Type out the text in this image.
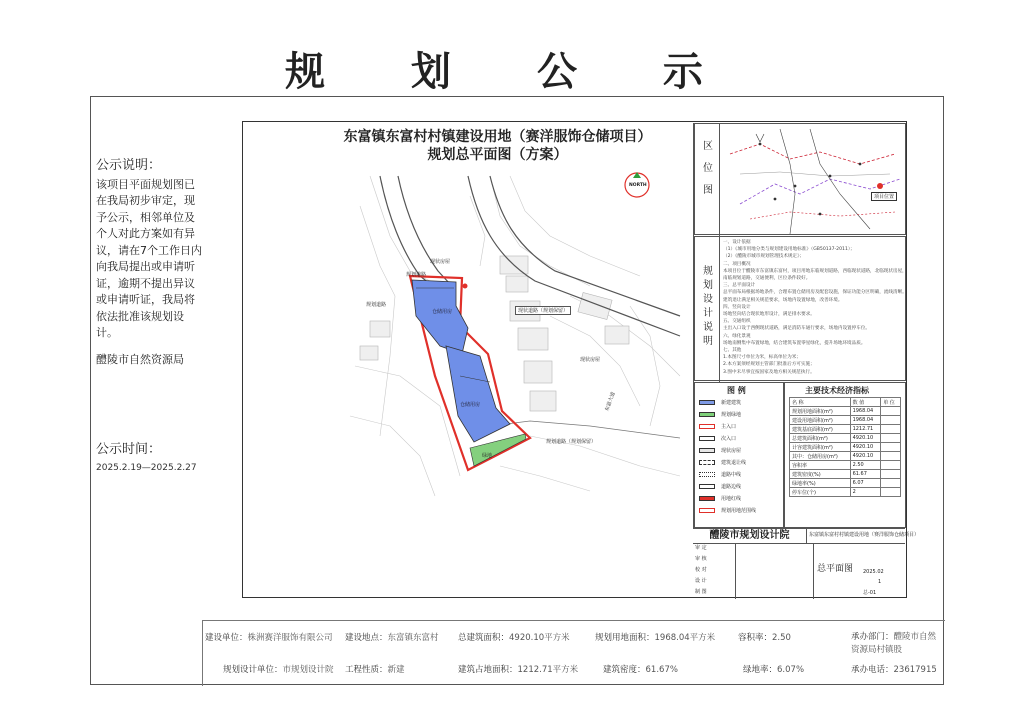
规 划 公 示
公示说明：
该项目平面规划图已在我局初步审定，现予公示，相邻单位及个人对此方案如有异议，请在7个工作日内向我局提出或申请听证，逾期不提出异议或申请听证，我局将依法批准该规划设计。
醴陵市自然资源局
公示时间：
2025.2.19—2025.2.27
东富镇东富村村镇建设用地（赛洋服饰仓储项目）
规划总平面图（方案）
NORTH
规划道路
现状房屋
规划道路
现状道路（规划保留）
现状房屋
规划道路（规划保留）
仓储用房
仓储用房
绿地
东富大道
区
位
图
项目位置
规
划
设
计
说
明
一、设计依据
（1）《城市用地分类与规划建设用地标准》（GB50137-2011）；
（2）《醴陵市城市规划管理技术规定》；
二、项目概况
本项目位于醴陵市东富镇东富村，项目用地东临规划道路，西临现状道路，北临现状房屋，
南临规划道路，交通便利，区位条件较好。
三、总平面设计
总平面布局根据场地条件，合理布置仓储用房及配套设施，保证功能分区明确，流线清晰。
建筑退让满足相关规范要求，场地内设置绿地，改善环境。
四、竖向设计
场地竖向结合现状地形设计，满足排水要求。
五、交通组织
主出入口设于西侧现状道路，满足消防车通行要求，场地内设置停车位。
六、绿化景观
场地南侧集中布置绿地，结合建筑布置零星绿化，提升场地环境品质。
七、其他
1.本图尺寸单位为米，标高单位为米；
2.本方案须经规划主管部门批准后方可实施；
3.图中未尽事宜按国家及地方相关规范执行。
图 例
新建建筑
规划绿地
主入口
次入口
现状房屋
建筑退让线
道路中线
道路边线
用地红线
规划用地范围线
主要技术经济指标
名 称	数 值	单 位
规划用地面积(m²)	1968.04	
建设用地面积(m²)	1968.04	
建筑基底面积(m²)	1212.71	
总建筑面积(m²)	4920.10	
计容建筑面积(m²)	4920.10	
其中：仓储用房(m²)	4920.10	
容积率	2.50	
建筑密度(%)	61.67	
绿地率(%)	6.07	
停车位(个)	2	
醴陵市规划设计院	东富镇东富村村镇建设用地（赛洋服饰仓储项目）
审 定
审 核
校 对
设 计
制 图
总平面图 2025.02
1
总-01
建设单位：株洲赛洋服饰有限公司 建设地点：东富镇东富村 总建筑面积：4920.10平方米	规划用地面积：1968.04平方米	容积率：2.50	承办部门：醴陵市自然资源局村镇股
规划设计单位：市规划设计院 工程性质：新建	建筑占地面积：1212.71平方米	建筑密度：61.67%	绿地率：6.07%	承办电话：23617915
